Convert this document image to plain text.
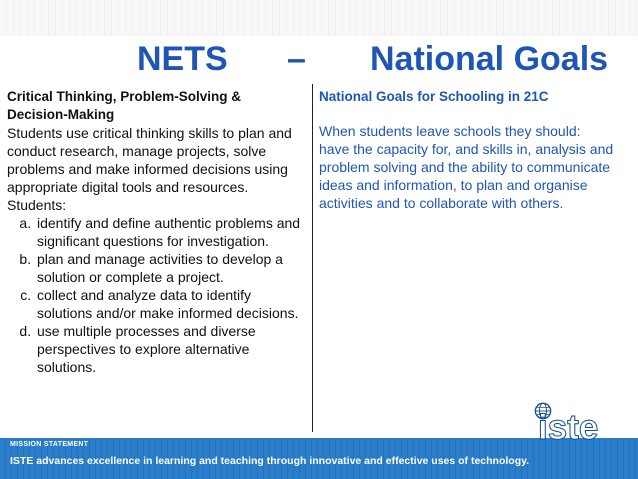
NETS – National Goals
Critical Thinking, Problem-Solving &
Decision-Making
Students use critical thinking skills to plan and conduct research, manage projects, solve problems and make informed decisions using appropriate digital tools and resources. Students:
a. identify and define authentic problems and significant questions for investigation.
b. plan and manage activities to develop a solution or complete a project.
c. collect and analyze data to identify solutions and/or make informed decisions.
d. use multiple processes and diverse perspectives to explore alternative solutions.
National Goals for Schooling in 21C
When students leave schools they should:
have the capacity for, and skills in, analysis and problem solving and the ability to communicate ideas and information, to plan and organise activities and to collaborate with others.
MISSION STATEMENT
ISTE advances excellence in learning and teaching through innovative and effective uses of technology.
iste
